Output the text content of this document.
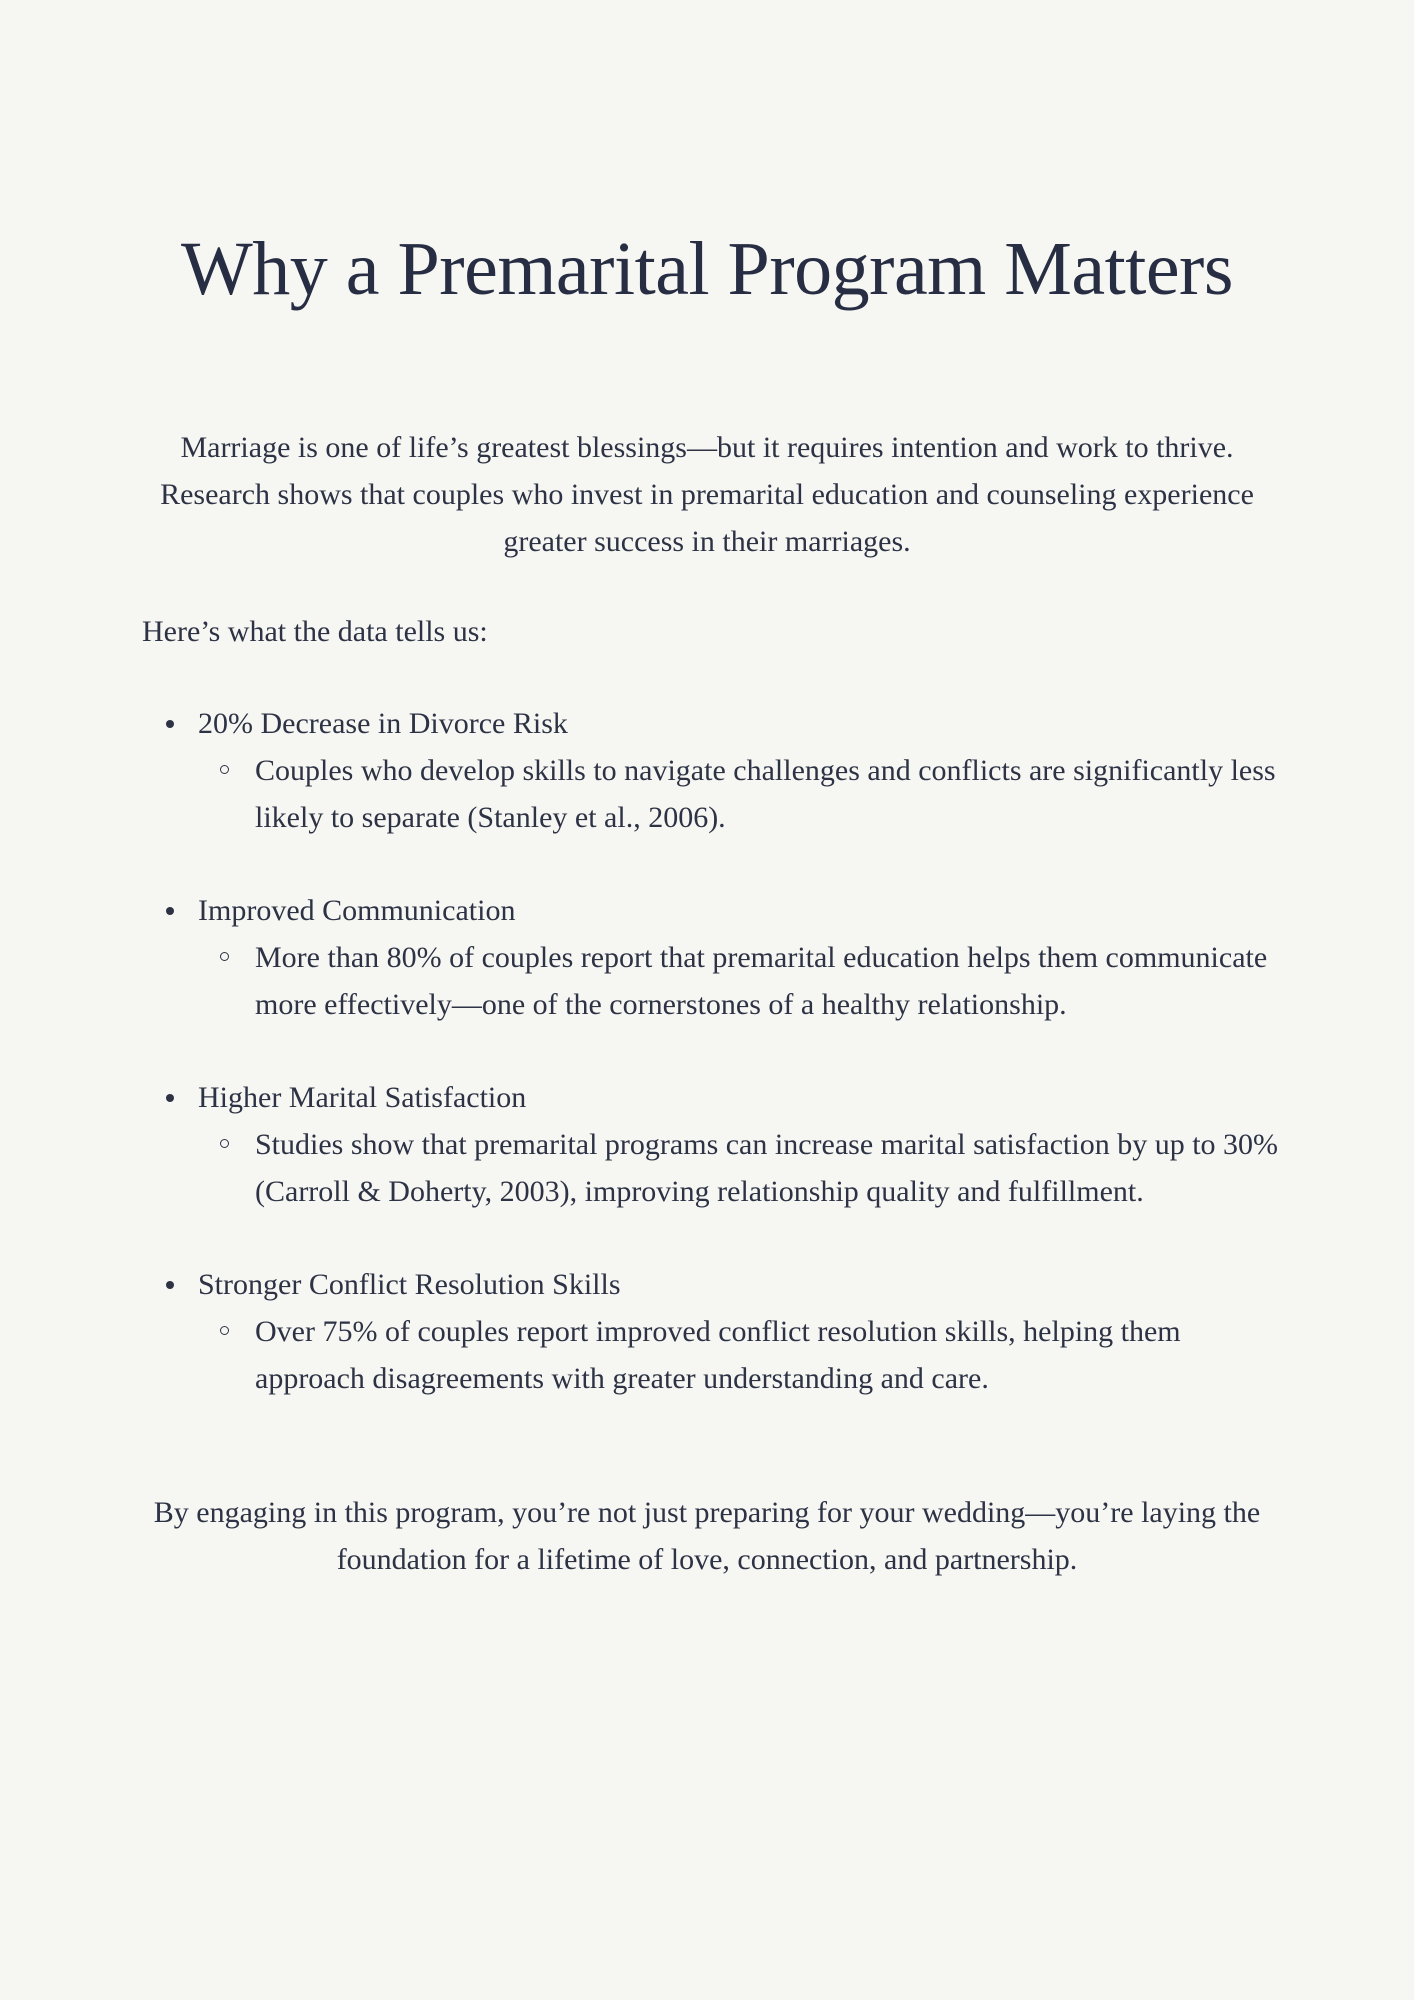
Why a Premarital Program Matters

Marriage is one of life’s greatest blessings—but it requires intention and work to thrive. Research shows that couples who invest in premarital education and counseling experience greater success in their marriages.

Here’s what the data tells us:

20% Decrease in Divorce Risk
Couples who develop skills to navigate challenges and conflicts are significantly less likely to separate (Stanley et al., 2006).
Improved Communication
More than 80% of couples report that premarital education helps them communicate more effectively—one of the cornerstones of a healthy relationship.
Higher Marital Satisfaction
Studies show that premarital programs can increase marital satisfaction by up to 30% (Carroll & Doherty, 2003), improving relationship quality and fulfillment.
Stronger Conflict Resolution Skills
Over 75% of couples report improved conflict resolution skills, helping them approach disagreements with greater understanding and care.

By engaging in this program, you’re not just preparing for your wedding—you’re laying the foundation for a lifetime of love, connection, and partnership.
